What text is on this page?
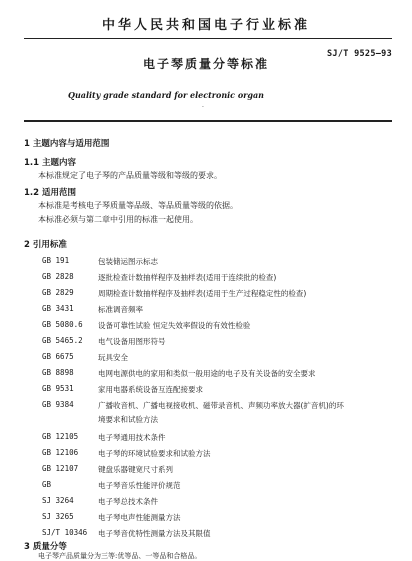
中华人民共和国电子行业标准
SJ/T 9525—93
电子琴质量分等标准
Quality grade standard for electronic organ
·
1 主题内容与适用范围
1.1 主题内容
本标准规定了电子琴的产品质量等级和等级的要求。
1.2 适用范围
本标准是考核电子琴质量等品级、等品质量等级的依据。
本标准必须与第二章中引用的标准一起使用。
2 引用标准
GB 191	包装储运图示标志
GB 2828	逐批检查计数抽样程序及抽样表(适用于连续批的检查)
GB 2829	周期检查计数抽样程序及抽样表(适用于生产过程稳定性的检查)
GB 3431	标准调音频率
GB 5080.6 设备可靠性试验 恒定失效率假设的有效性检验
GB 5465.2 电气设备用图形符号
GB 6675	玩具安全
GB 8898	电网电源供电的家用和类似一般用途的电子及有关设备的安全要求
GB 9531	家用电器系统设备互连配接要求
GB 9384	广播收音机、广播电视接收机、磁带录音机、声频功率放大器(扩音机)的环
境要求和试验方法
GB 12105	电子琴通用技术条件
GB 12106	电子琴的环境试验要求和试验方法
GB 12107	键盘乐器键宽尺寸系列
GB	电子琴音乐性能评价规范
SJ 3264	电子琴总技术条件
SJ 3265	电子琴电声性能测量方法
SJ/T 10346 电子琴音优特性测量方法及其限值
3 质量分等
电子琴产品质量分为三等:优等品、一等品和合格品。
